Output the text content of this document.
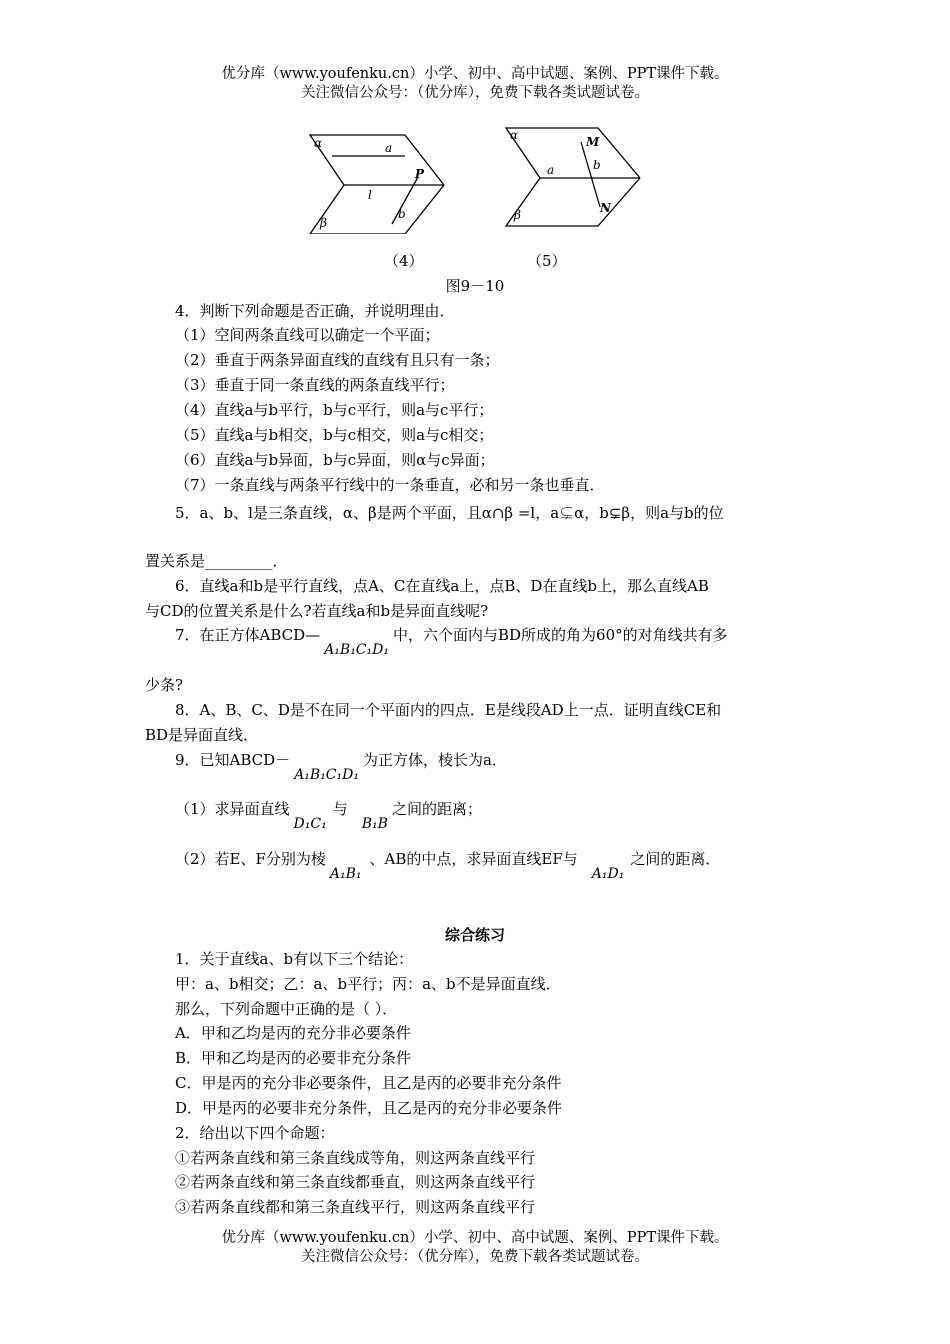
优分库（www.youfenku.cn）小学、初中、高中试题、案例、PPT课件下载。
关注微信公众号：（优分库），免费下载各类试题试卷。
α	a
l
P
β
b
α	M
a	b
N
β
（4）	（5）
图9－10
4．判断下列命题是否正确，并说明理由．
（1）空间两条直线可以确定一个平面；
（2）垂直于两条异面直线的直线有且只有一条；
（3）垂直于同一条直线的两条直线平行；
（4）直线a与b平行，b与c平行，则a与c平行；
（5）直线a与b相交，b与c相交，则a与c相交；
（6）直线a与b异面，b与c异面，则α与c异面；
（7）一条直线与两条平行线中的一条垂直，必和另一条也垂直．
5．a、b、l是三条直线，α、β是两个平面，且α∩β =l，a⊊α，b⊊β，则a与b的位
置关系是_________．
6．直线a和b是平行直线，点A、C在直线a上，点B、D在直线b上，那么直线AB
与CD的位置关系是什么?若直线a和b是异面直线呢?
7．在正方体ABCD—A₁B₁C₁D₁中，六个面内与BD所成的角为60°的对角线共有多
少条?
8．A、B、C、D是不在同一个平面内的四点．E是线段AD上一点．证明直线CE和
BD是异面直线．
9．已知ABCD－A₁B₁C₁D₁为正方体，棱长为a．
（1）求异面直线D₁C₁与B₁B之间的距离；
（2）若E、F分别为棱A₁B₁、AB的中点，求异面直线EF与A₁D₁之间的距离．
综合练习
1．关于直线a、b有以下三个结论：
甲：a、b相交；乙：a、b平行；丙：a、b不是异面直线．
那么，下列命题中正确的是（ ）．
A．甲和乙均是丙的充分非必要条件
B．甲和乙均是丙的必要非充分条件
C．甲是丙的充分非必要条件，且乙是丙的必要非充分条件
D．甲是丙的必要非充分条件，且乙是丙的充分非必要条件
2．给出以下四个命题：
①若两条直线和第三条直线成等角，则这两条直线平行
②若两条直线和第三条直线都垂直，则这两条直线平行
③若两条直线都和第三条直线平行，则这两条直线平行
优分库（www.youfenku.cn）小学、初中、高中试题、案例、PPT课件下载。
关注微信公众号：（优分库），免费下载各类试题试卷。
